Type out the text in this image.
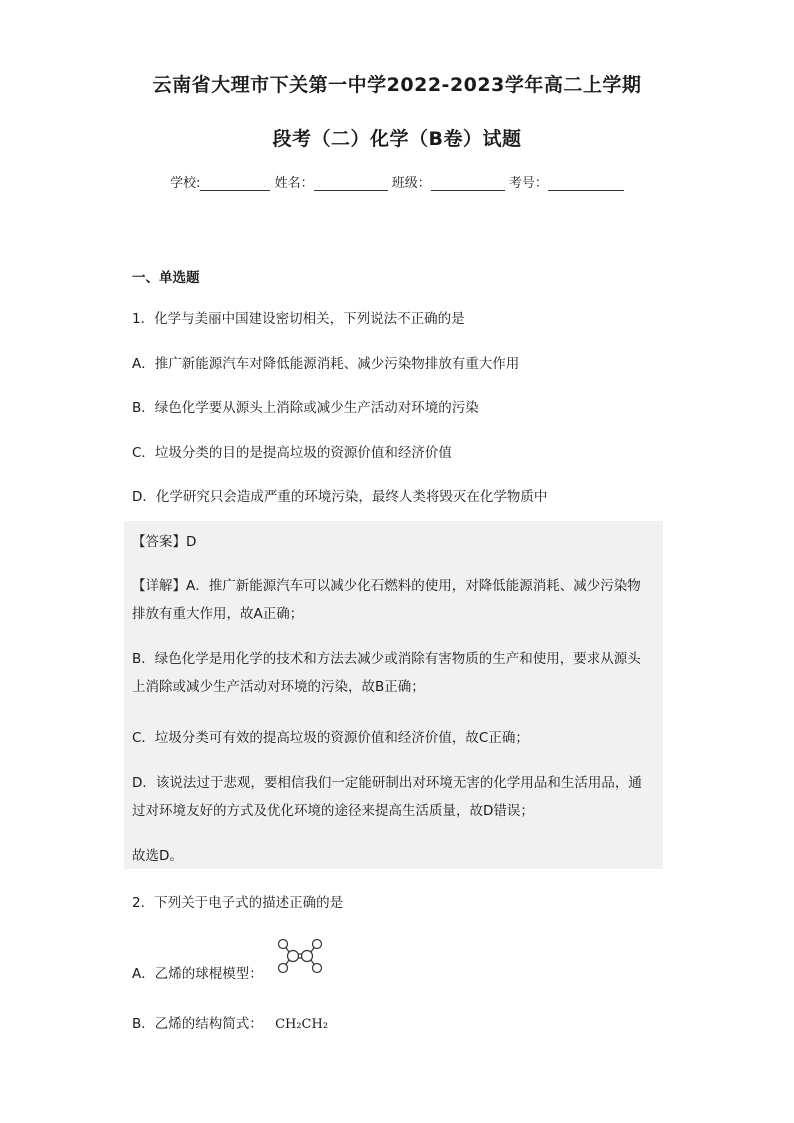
云南省大理市下关第一中学2022-2023学年高二上学期
段考（二）化学（B卷）试题
学校:	姓名：	班级：	考号：
一、单选题
1．化学与美丽中国建设密切相关，下列说法不正确的是
A．推广新能源汽车对降低能源消耗、减少污染物排放有重大作用
B．绿色化学要从源头上消除或减少生产活动对环境的污染
C．垃圾分类的目的是提高垃圾的资源价值和经济价值
D．化学研究只会造成严重的环境污染，最终人类将毁灭在化学物质中
【答案】D
【详解】A．推广新能源汽车可以减少化石燃料的使用，对降低能源消耗、减少污染物
排放有重大作用，故A正确；
B．绿色化学是用化学的技术和方法去减少或消除有害物质的生产和使用，要求从源头
上消除或减少生产活动对环境的污染，故B正确；
C．垃圾分类可有效的提高垃圾的资源价值和经济价值，故C正确；
D．该说法过于悲观，要相信我们一定能研制出对环境无害的化学用品和生活用品，通
过对环境友好的方式及优化环境的途径来提高生活质量，故D错误；
故选D。
2．下列关于电子式的描述正确的是
A．乙烯的球棍模型：
B．乙烯的结构简式： CH₂CH₂
